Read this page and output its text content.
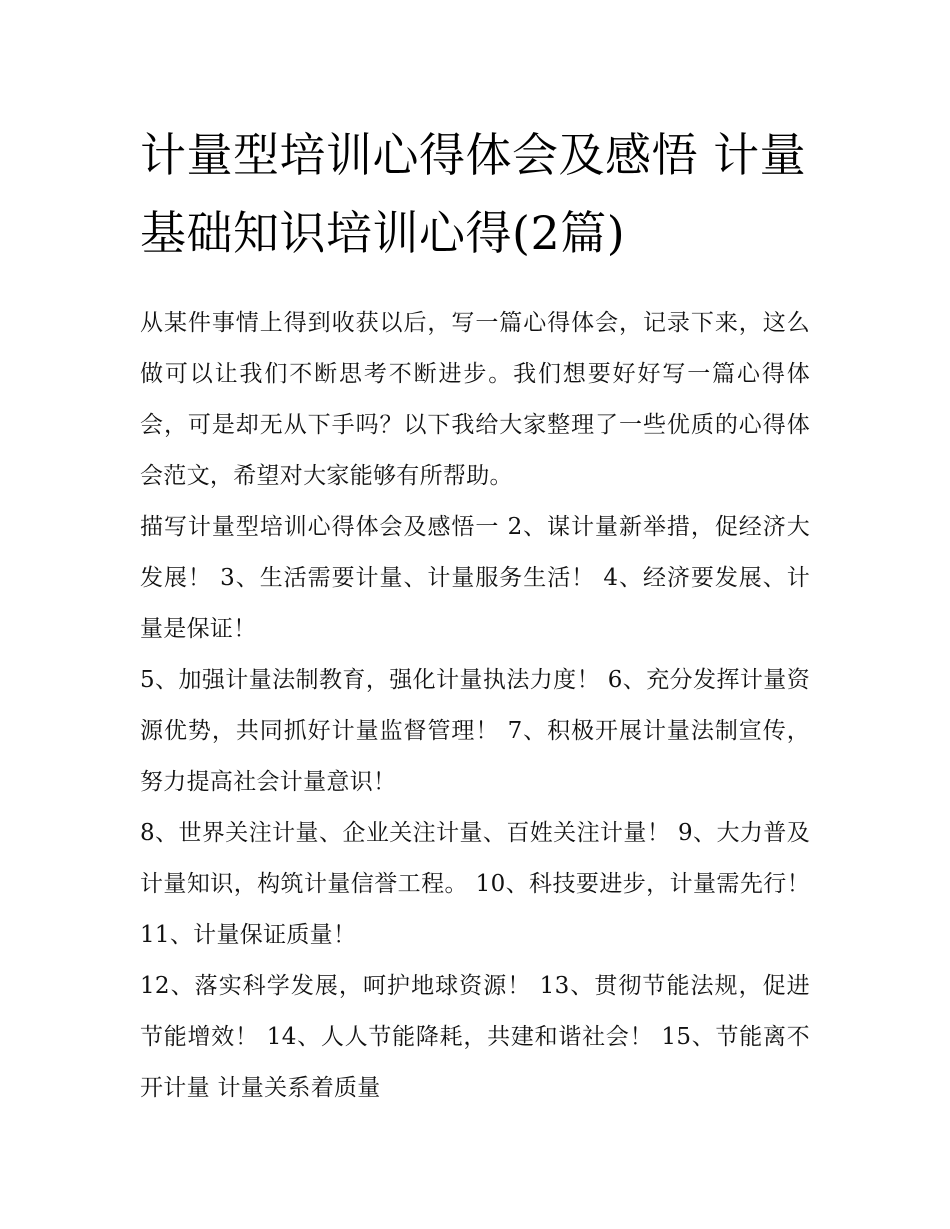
计量型培训心得体会及感悟 计量基础知识培训心得(2篇)

从某件事情上得到收获以后，写一篇心得体会，记录下来，这么做可以让我们不断思考不断进步。我们想要好好写一篇心得体会，可是却无从下手吗？以下我给大家整理了一些优质的心得体会范文，希望对大家能够有所帮助。

描写计量型培训心得体会及感悟一 2、谋计量新举措，促经济大发展！ 3、生活需要计量、计量服务生活！ 4、经济要发展、计量是保证！

5、加强计量法制教育，强化计量执法力度！ 6、充分发挥计量资源优势，共同抓好计量监督管理！ 7、积极开展计量法制宣传，努力提高社会计量意识！

8、世界关注计量、企业关注计量、百姓关注计量！ 9、大力普及计量知识，构筑计量信誉工程。 10、科技要进步，计量需先行！ 11、计量保证质量！

12、落实科学发展，呵护地球资源！ 13、贯彻节能法规，促进节能增效！ 14、人人节能降耗，共建和谐社会！ 15、节能离不开计量 计量关系着质量
